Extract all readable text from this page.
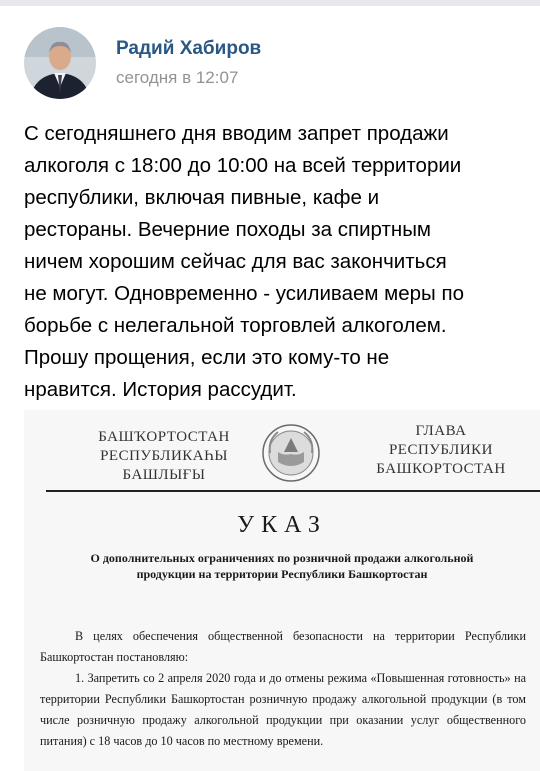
Радий Хабиров
сегодня в 12:07

С сегодняшнего дня вводим запрет продажи

алкоголя с 18:00 до 10:00 на всей территории

республики, включая пивные, кафе и

рестораны. Вечерние походы за спиртным

ничем хорошим сейчас для вас закончиться

не могут. Одновременно - усиливаем меры по

борьбе с нелегальной торговлей алкоголем.

Прошу прощения, если это кому-то не

нравится. История рассудит.

БАШҠОРТОСТАН
РЕСПУБЛИКАҺЫ
БАШЛЫҒЫ
ГЛАВА
РЕСПУБЛИКИ
БАШКОРТОСТАН
УКАЗ
О дополнительных ограничениях по розничной продажи алкогольной
продукции на территории Республики Башкортостан

В целях обеспечения общественной безопасности на территории Республики Башкортостан постановляю:

1. Запретить со 2 апреля 2020 года и до отмены режима «Повышенная готовность» на территории Республики Башкортостан розничную продажу алкогольной продукции (в том числе розничную продажу алкогольной продукции при оказании услуг общественного питания) с 18 часов до 10 часов по местному времени.
